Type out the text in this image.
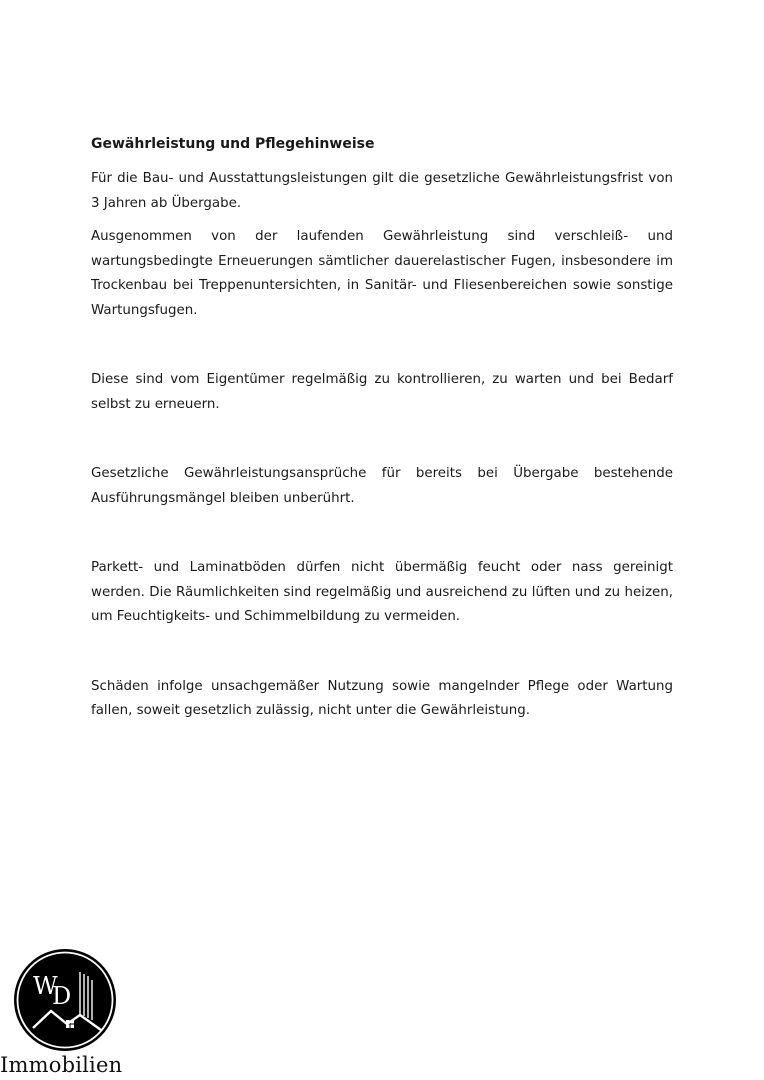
Gewährleistung und Pflegehinweise

Für die Bau- und Ausstattungsleistungen gilt die gesetzliche Gewährleistungsfrist von 3 Jahren ab Übergabe.

Ausgenommen von der laufenden Gewährleistung sind verschleiß- und wartungsbedingte Erneuerungen sämtlicher dauerelastischer Fugen, insbesondere im Trockenbau bei Treppenuntersichten, in Sanitär- und Fliesenbereichen sowie sonstige Wartungsfugen.

Diese sind vom Eigentümer regelmäßig zu kontrollieren, zu warten und bei Bedarf selbst zu erneuern.

Gesetzliche Gewährleistungsansprüche für bereits bei Übergabe bestehende Ausführungsmängel bleiben unberührt.

Parkett- und Laminatböden dürfen nicht übermäßig feucht oder nass gereinigt werden. Die Räumlichkeiten sind regelmäßig und ausreichend zu lüften und zu heizen, um Feuchtigkeits- und Schimmelbildung zu vermeiden.

Schäden infolge unsachgemäßer Nutzung sowie mangelnder Pflege oder Wartung fallen, soweit gesetzlich zulässig, nicht unter die Gewährleistung.

W
D
Immobilien
